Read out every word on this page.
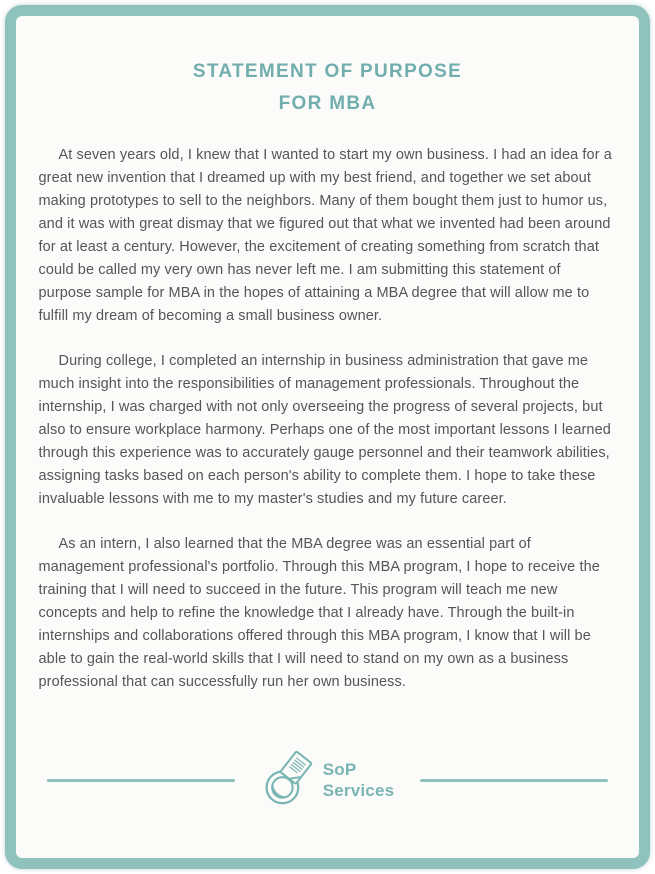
STATEMENT OF PURPOSE
FOR MBA

At seven years old, I knew that I wanted to start my own business. I had an idea for a great new invention that I dreamed up with my best friend, and together we set about making prototypes to sell to the neighbors. Many of them bought them just to humor us, and it was with great dismay that we figured out that what we invented had been around for at least a century. However, the excitement of creating something from scratch that could be called my very own has never left me. I am submitting this statement of purpose sample for MBA in the hopes of attaining a MBA degree that will allow me to fulfill my dream of becoming a small business owner.

During college, I completed an internship in business administration that gave me much insight into the responsibilities of management professionals. Throughout the internship, I was charged with not only overseeing the progress of several projects, but also to ensure workplace harmony. Perhaps one of the most important lessons I learned through this experience was to accurately gauge personnel and their teamwork abilities, assigning tasks based on each person's ability to complete them. I hope to take these invaluable lessons with me to my master's studies and my future career.

As an intern, I also learned that the MBA degree was an essential part of management professional's portfolio. Through this MBA program, I hope to receive the training that I will need to succeed in the future. This program will teach me new concepts and help to refine the knowledge that I already have. Through the built-in internships and collaborations offered through this MBA program, I know that I will be able to gain the real-world skills that I will need to stand on my own as a business professional that can successfully run her own business.

SoP
Services
